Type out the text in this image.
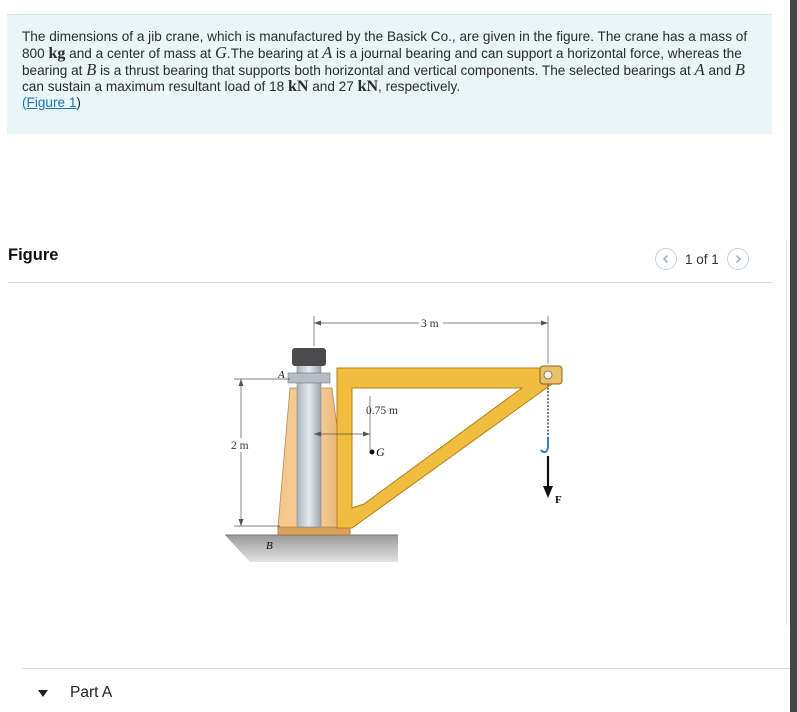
The dimensions of a jib crane, which is manufactured by the Basick Co., are given in the figure. The crane has a mass of 800 kg and a center of mass at G.The bearing at A is a journal bearing and can support a horizontal force, whereas the bearing at B is a thrust bearing that supports both horizontal and vertical components. The selected bearings at A and B can sustain a maximum resultant load of 18 kN and 27 kN, respectively.
(Figure 1)

Figure	1 of 1
3 m
0.75 m
G
2 m
A
B
F
Part A
